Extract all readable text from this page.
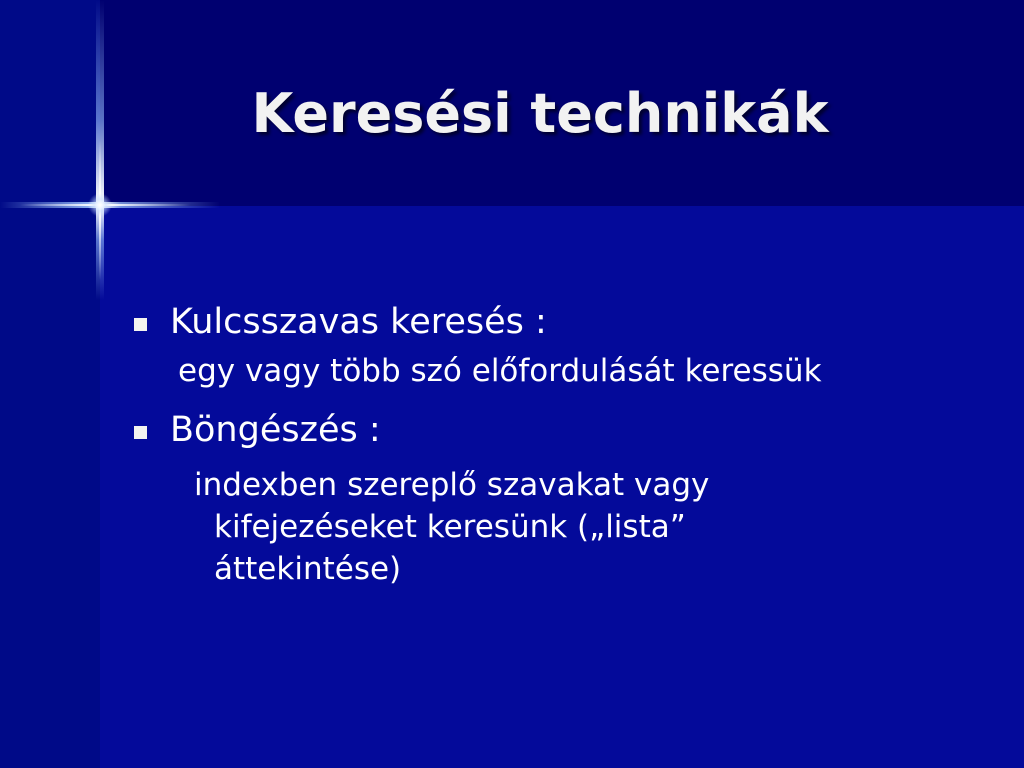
Keresési technikák

Kulcsszavas keresés :

egy vagy több szó előfordulását keressük

Böngészés :

indexben szereplő szavakat vagy
kifejezéseket keresünk („lista”
áttekintése)
